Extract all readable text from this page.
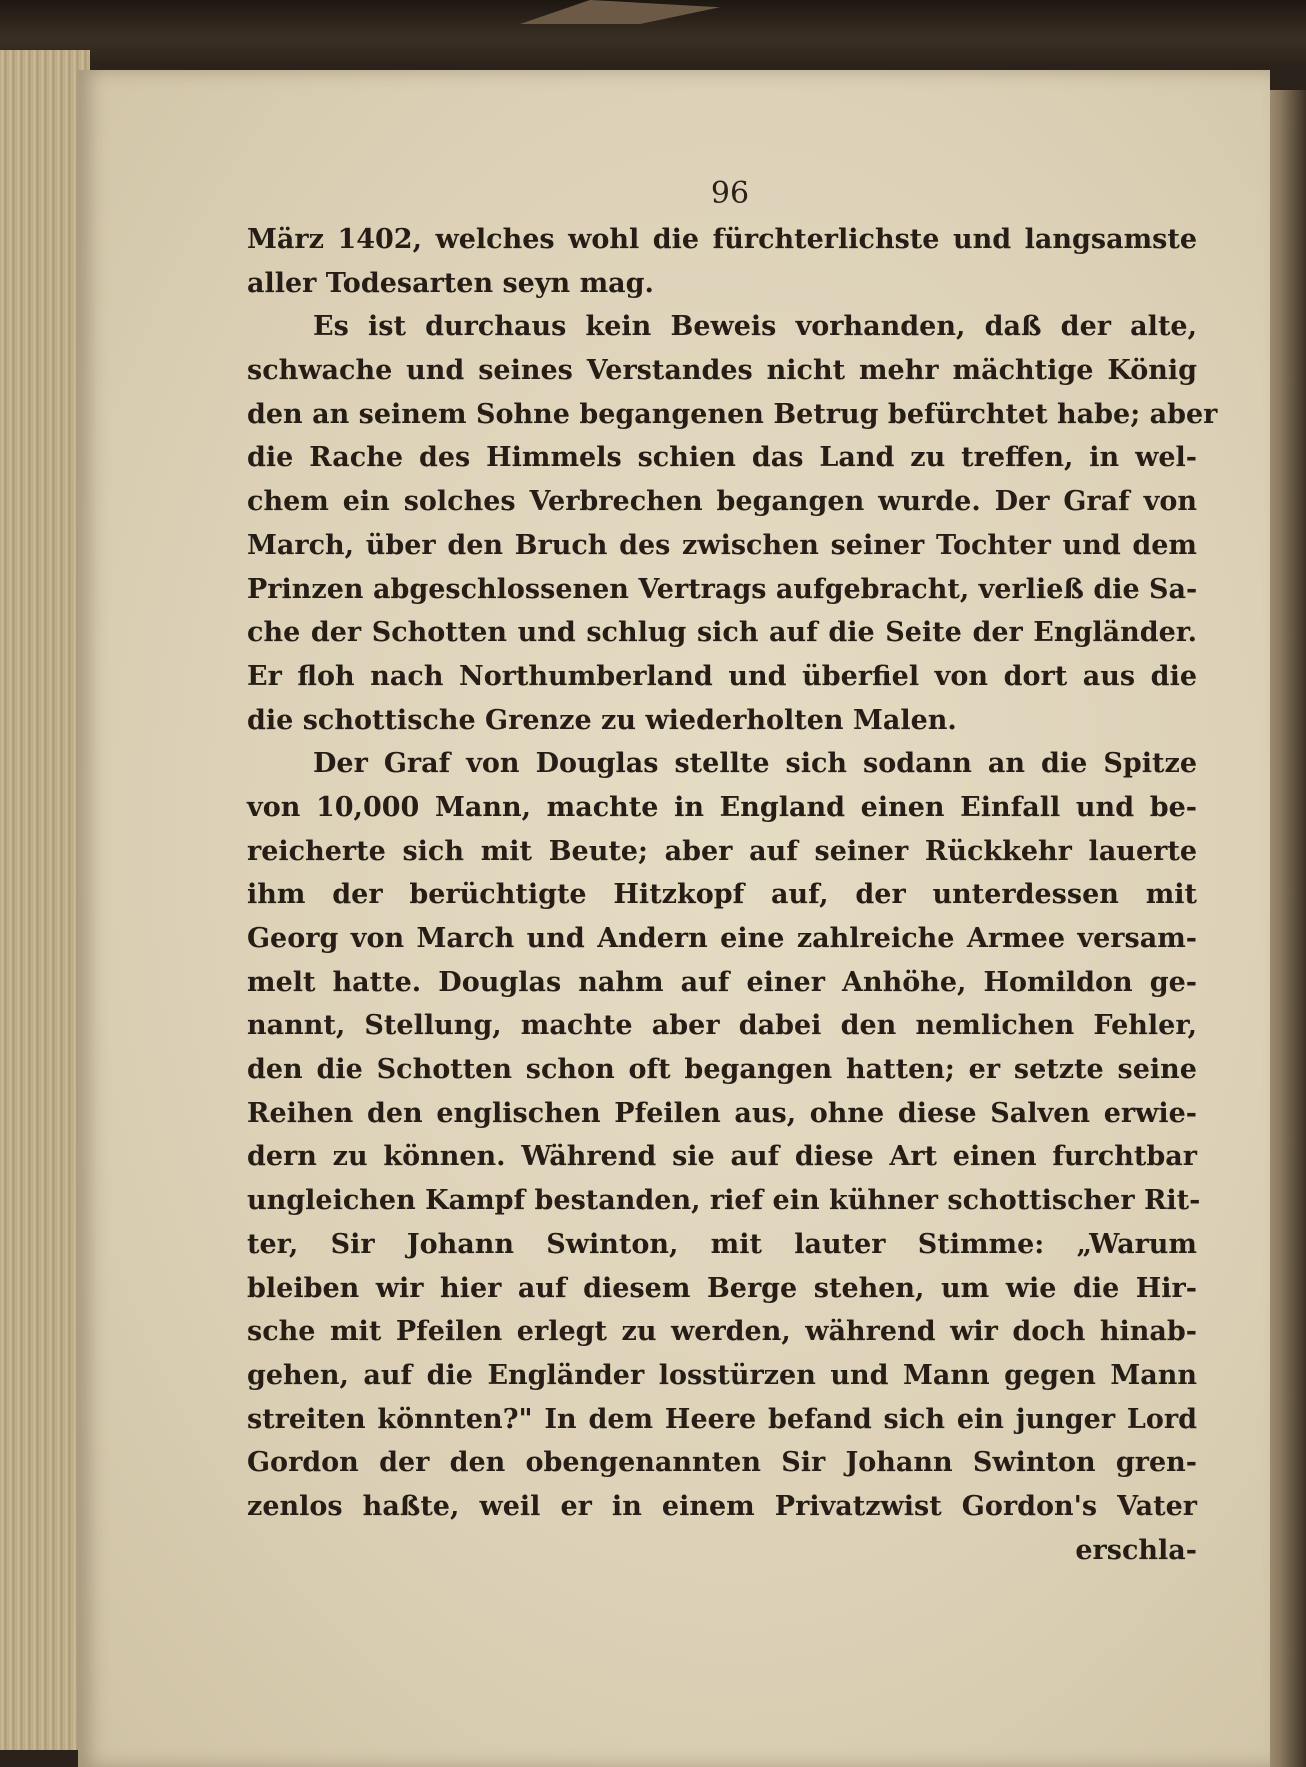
96
März 1402, welches wohl die fürchterlichste und langsamste
aller Todesarten seyn mag.
Es ist durchaus kein Beweis vorhanden, daß der alte,
schwache und seines Verstandes nicht mehr mächtige König
den an seinem Sohne begangenen Betrug befürchtet habe; aber
die Rache des Himmels schien das Land zu treffen, in wel-
chem ein solches Verbrechen begangen wurde. Der Graf von
March, über den Bruch des zwischen seiner Tochter und dem
Prinzen abgeschlossenen Vertrags aufgebracht, verließ die Sa-
che der Schotten und schlug sich auf die Seite der Engländer.
Er floh nach Northumberland und überfiel von dort aus die
die schottische Grenze zu wiederholten Malen.
Der Graf von Douglas stellte sich sodann an die Spitze
von 10,000 Mann, machte in England einen Einfall und be-
reicherte sich mit Beute; aber auf seiner Rückkehr lauerte
ihm der berüchtigte Hitzkopf auf, der unterdessen mit
Georg von March und Andern eine zahlreiche Armee versam-
melt hatte. Douglas nahm auf einer Anhöhe, Homildon ge-
nannt, Stellung, machte aber dabei den nemlichen Fehler,
den die Schotten schon oft begangen hatten; er setzte seine
Reihen den englischen Pfeilen aus, ohne diese Salven erwie-
dern zu können. Während sie auf diese Art einen furchtbar
ungleichen Kampf bestanden, rief ein kühner schottischer Rit-
ter, Sir Johann Swinton, mit lauter Stimme: „Warum
bleiben wir hier auf diesem Berge stehen, um wie die Hir-
sche mit Pfeilen erlegt zu werden, während wir doch hinab-
gehen, auf die Engländer losstürzen und Mann gegen Mann
streiten könnten?" In dem Heere befand sich ein junger Lord
Gordon der den obengenannten Sir Johann Swinton gren-
zenlos haßte, weil er in einem Privatzwist Gordon's Vater
erschla-
